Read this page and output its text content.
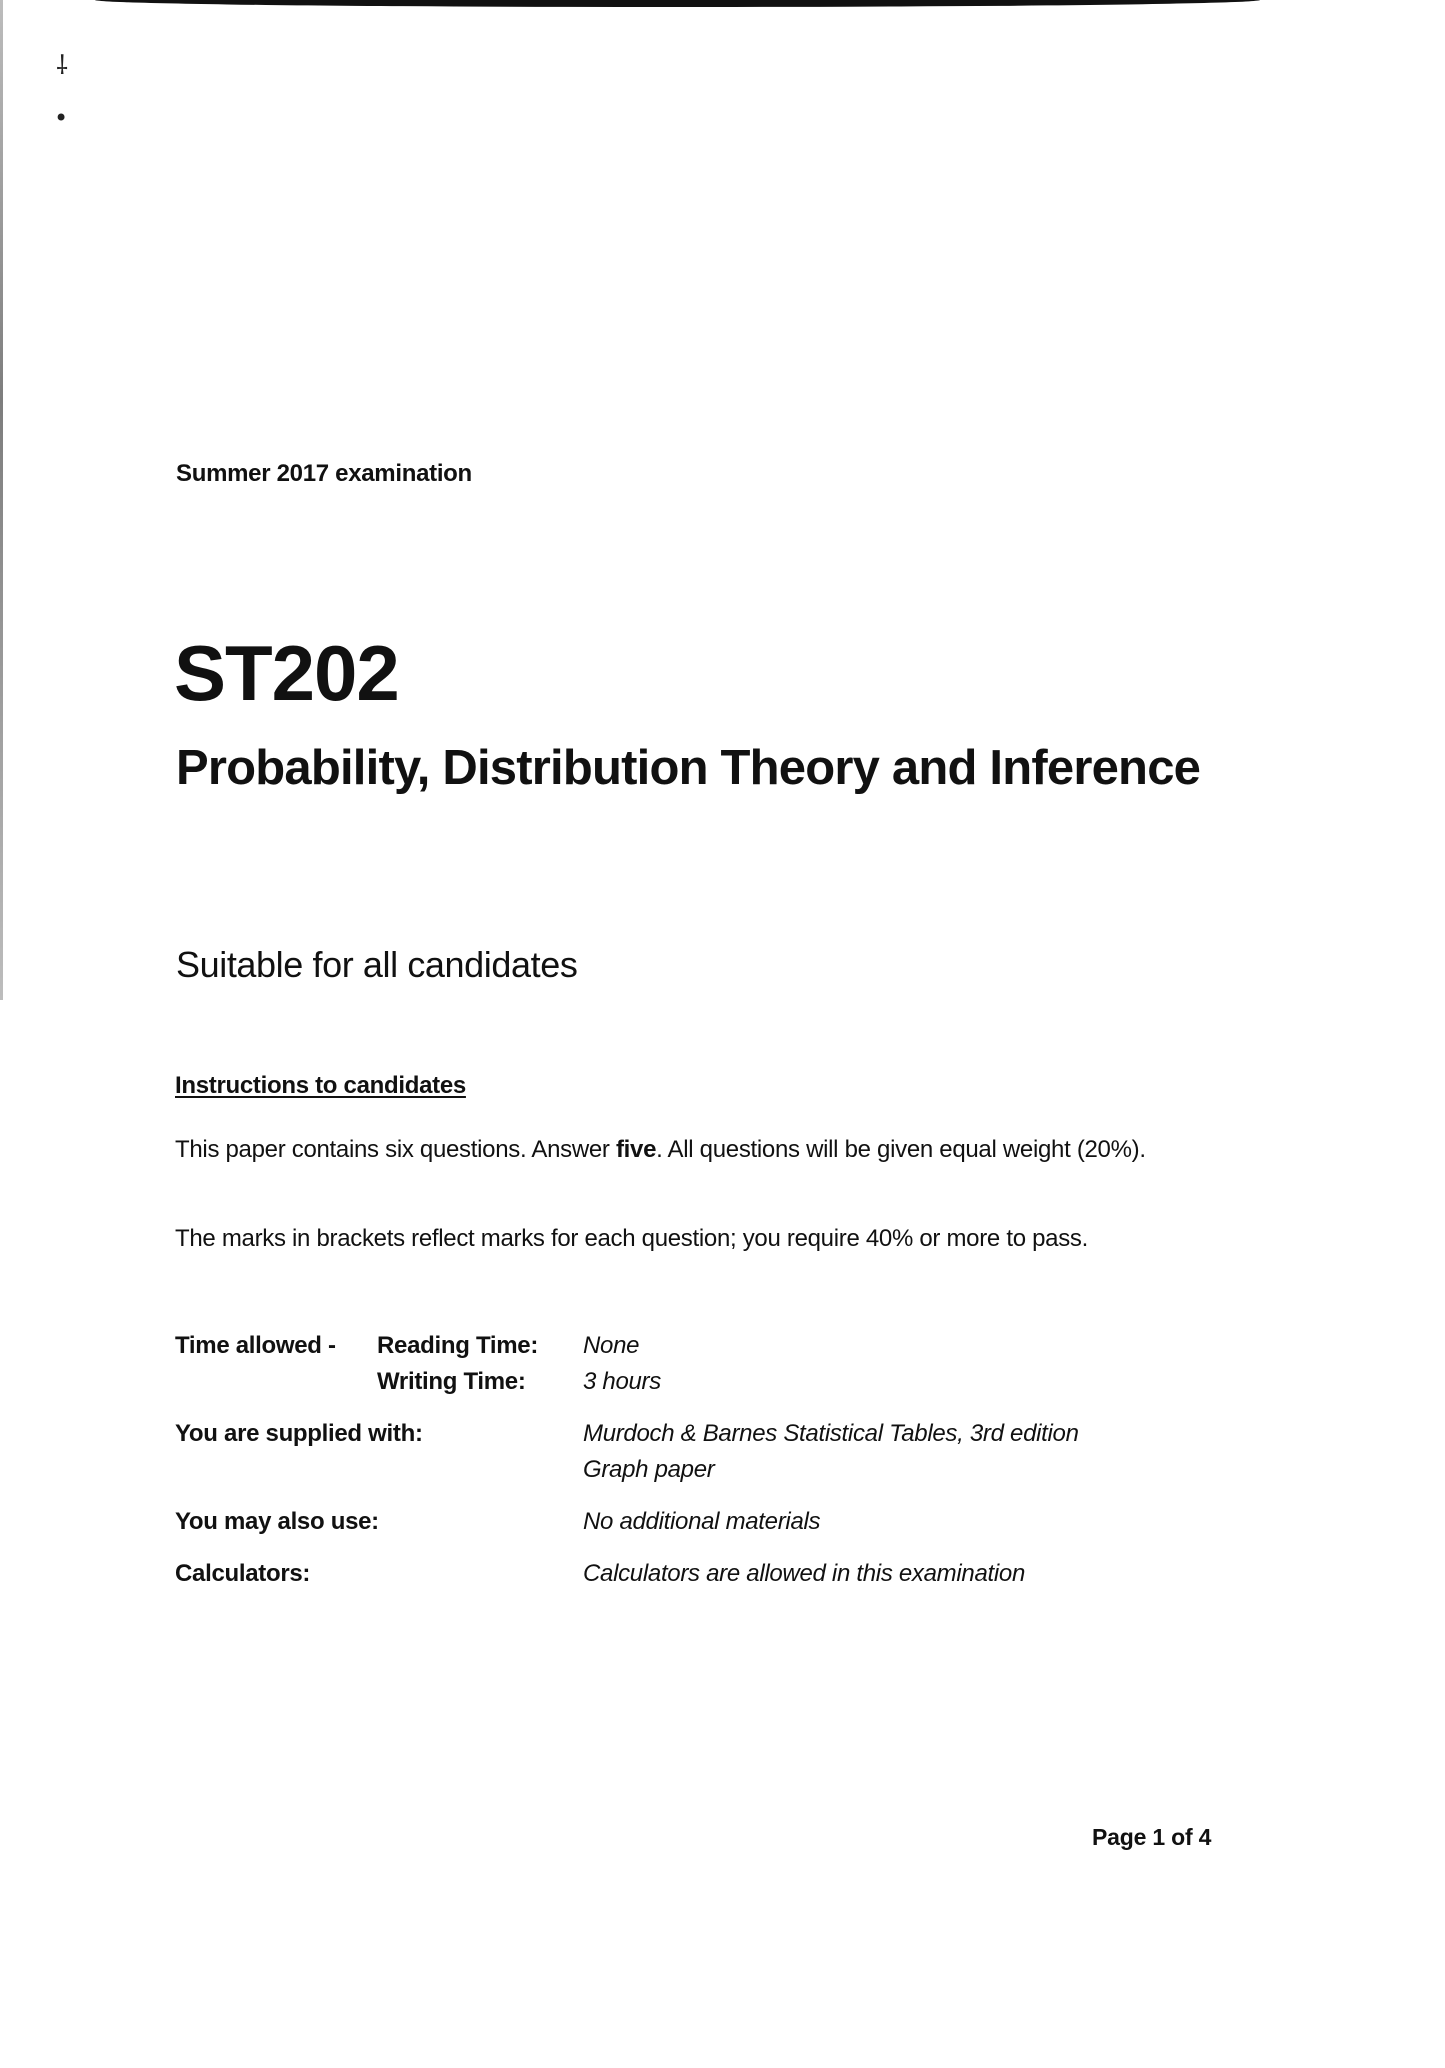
⸸
•
Summer 2017 examination
ST202
Probability, Distribution Theory and Inference
Suitable for all candidates
Instructions to candidates
This paper contains six questions. Answer five. All questions will be given equal weight (20%).
The marks in brackets reflect marks for each question; you require 40% or more to pass.
Time allowed - Reading Time: None
Writing Time: 3 hours
You are supplied with:	Murdoch & Barnes Statistical Tables, 3rd edition
Graph paper
You may also use:	No additional materials
Calculators:	Calculators are allowed in this examination
Page 1 of 4
